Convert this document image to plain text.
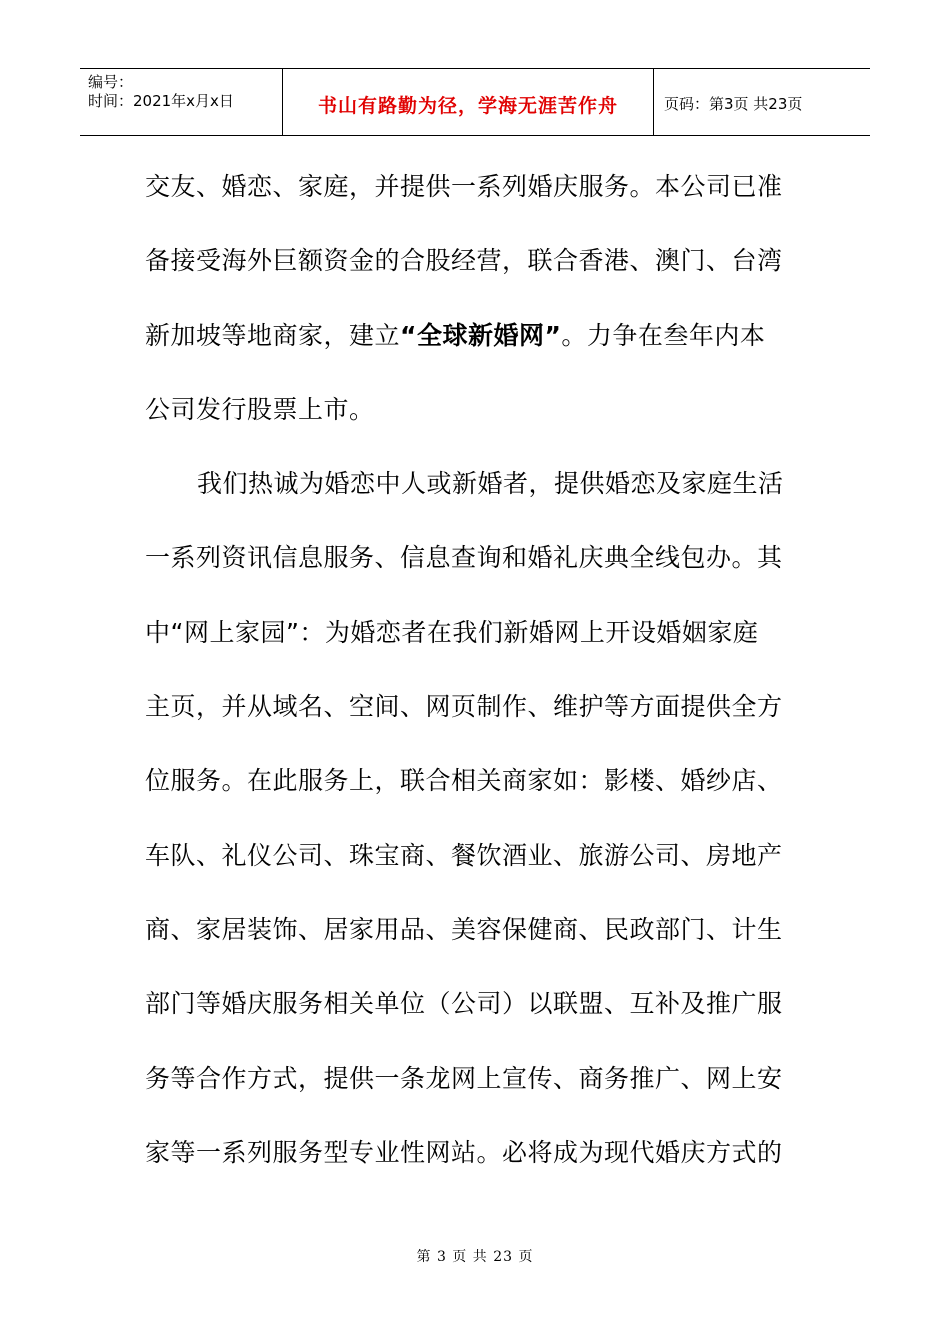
编号：
时间：2021年x月x日	书山有路勤为径，学海无涯苦作舟	页码：第3页 共23页
交友、婚恋、家庭，并提供一系列婚庆服务。本公司已准
备接受海外巨额资金的合股经营，联合香港、澳门、台湾
新加坡等地商家，建立“全球新婚网”。力争在叁年内本
公司发行股票上市。
我们热诚为婚恋中人或新婚者，提供婚恋及家庭生活
一系列资讯信息服务、信息查询和婚礼庆典全线包办。其
中“网上家园”：为婚恋者在我们新婚网上开设婚姻家庭
主页，并从域名、空间、网页制作、维护等方面提供全方
位服务。在此服务上，联合相关商家如：影楼、婚纱店、
车队、礼仪公司、珠宝商、餐饮酒业、旅游公司、房地产
商、家居装饰、居家用品、美容保健商、民政部门、计生
部门等婚庆服务相关单位（公司）以联盟、互补及推广服
务等合作方式，提供一条龙网上宣传、商务推广、网上安
家等一系列服务型专业性网站。必将成为现代婚庆方式的
第 3 页 共 23 页
